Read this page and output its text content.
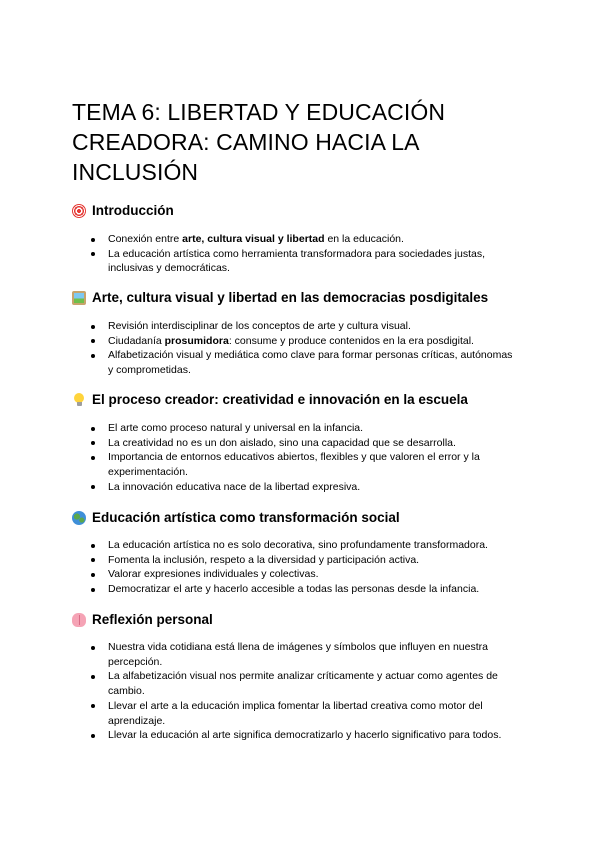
TEMA 6: LIBERTAD Y EDUCACIÓN CREADORA: CAMINO HACIA LA INCLUSIÓN
Introducción
Conexión entre arte, cultura visual y libertad en la educación.
La educación artística como herramienta transformadora para sociedades justas, inclusivas y democráticas.
Arte, cultura visual y libertad en las democracias posdigitales
Revisión interdisciplinar de los conceptos de arte y cultura visual.
Ciudadanía prosumidora: consume y produce contenidos en la era posdigital.
Alfabetización visual y mediática como clave para formar personas críticas, autónomas y comprometidas.
El proceso creador: creatividad e innovación en la escuela
El arte como proceso natural y universal en la infancia.
La creatividad no es un don aislado, sino una capacidad que se desarrolla.
Importancia de entornos educativos abiertos, flexibles y que valoren el error y la experimentación.
La innovación educativa nace de la libertad expresiva.
Educación artística como transformación social
La educación artística no es solo decorativa, sino profundamente transformadora.
Fomenta la inclusión, respeto a la diversidad y participación activa.
Valorar expresiones individuales y colectivas.
Democratizar el arte y hacerlo accesible a todas las personas desde la infancia.
Reflexión personal
Nuestra vida cotidiana está llena de imágenes y símbolos que influyen en nuestra percepción.
La alfabetización visual nos permite analizar críticamente y actuar como agentes de cambio.
Llevar el arte a la educación implica fomentar la libertad creativa como motor del aprendizaje.
Llevar la educación al arte significa democratizarlo y hacerlo significativo para todos.
